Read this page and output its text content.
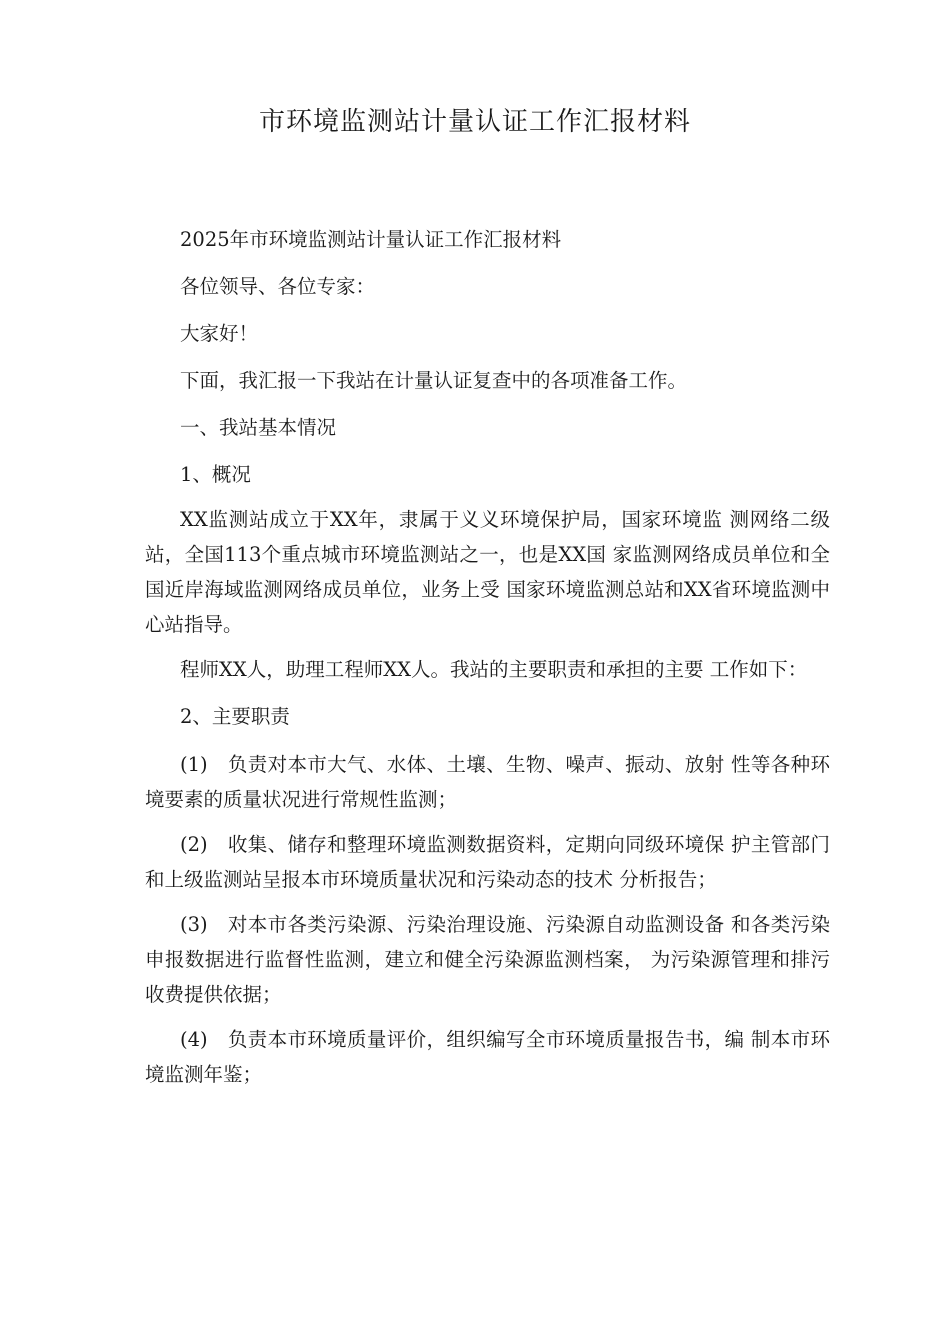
市环境监测站计量认证工作汇报材料

2025年市环境监测站计量认证工作汇报材料

各位领导、各位专家：

大家好！

下面，我汇报一下我站在计量认证复查中的各项准备工作。

一、我站基本情况

1、概况

XX监测站成立于XX年，隶属于义义环境保护局，国家环境监 测网络二级站，全国113个重点城市环境监测站之一，也是XX国 家监测网络成员单位和全国近岸海域监测网络成员单位，业务上受 国家环境监测总站和XX省环境监测中心站指导。

程师XX人，助理工程师XX人。我站的主要职责和承担的主要 工作如下：

2、主要职责

(1)　负责对本市大气、水体、土壤、生物、噪声、振动、放射 性等各种环境要素的质量状况进行常规性监测；

(2)　收集、储存和整理环境监测数据资料，定期向同级环境保 护主管部门和上级监测站呈报本市环境质量状况和污染动态的技术 分析报告；

(3)　对本市各类污染源、污染治理设施、污染源自动监测设备 和各类污染申报数据进行监督性监测，建立和健全污染源监测档案， 为污染源管理和排污收费提供依据；

(4)　负责本市环境质量评价，组织编写全市环境质量报告书，编 制本市环境监测年鉴；
